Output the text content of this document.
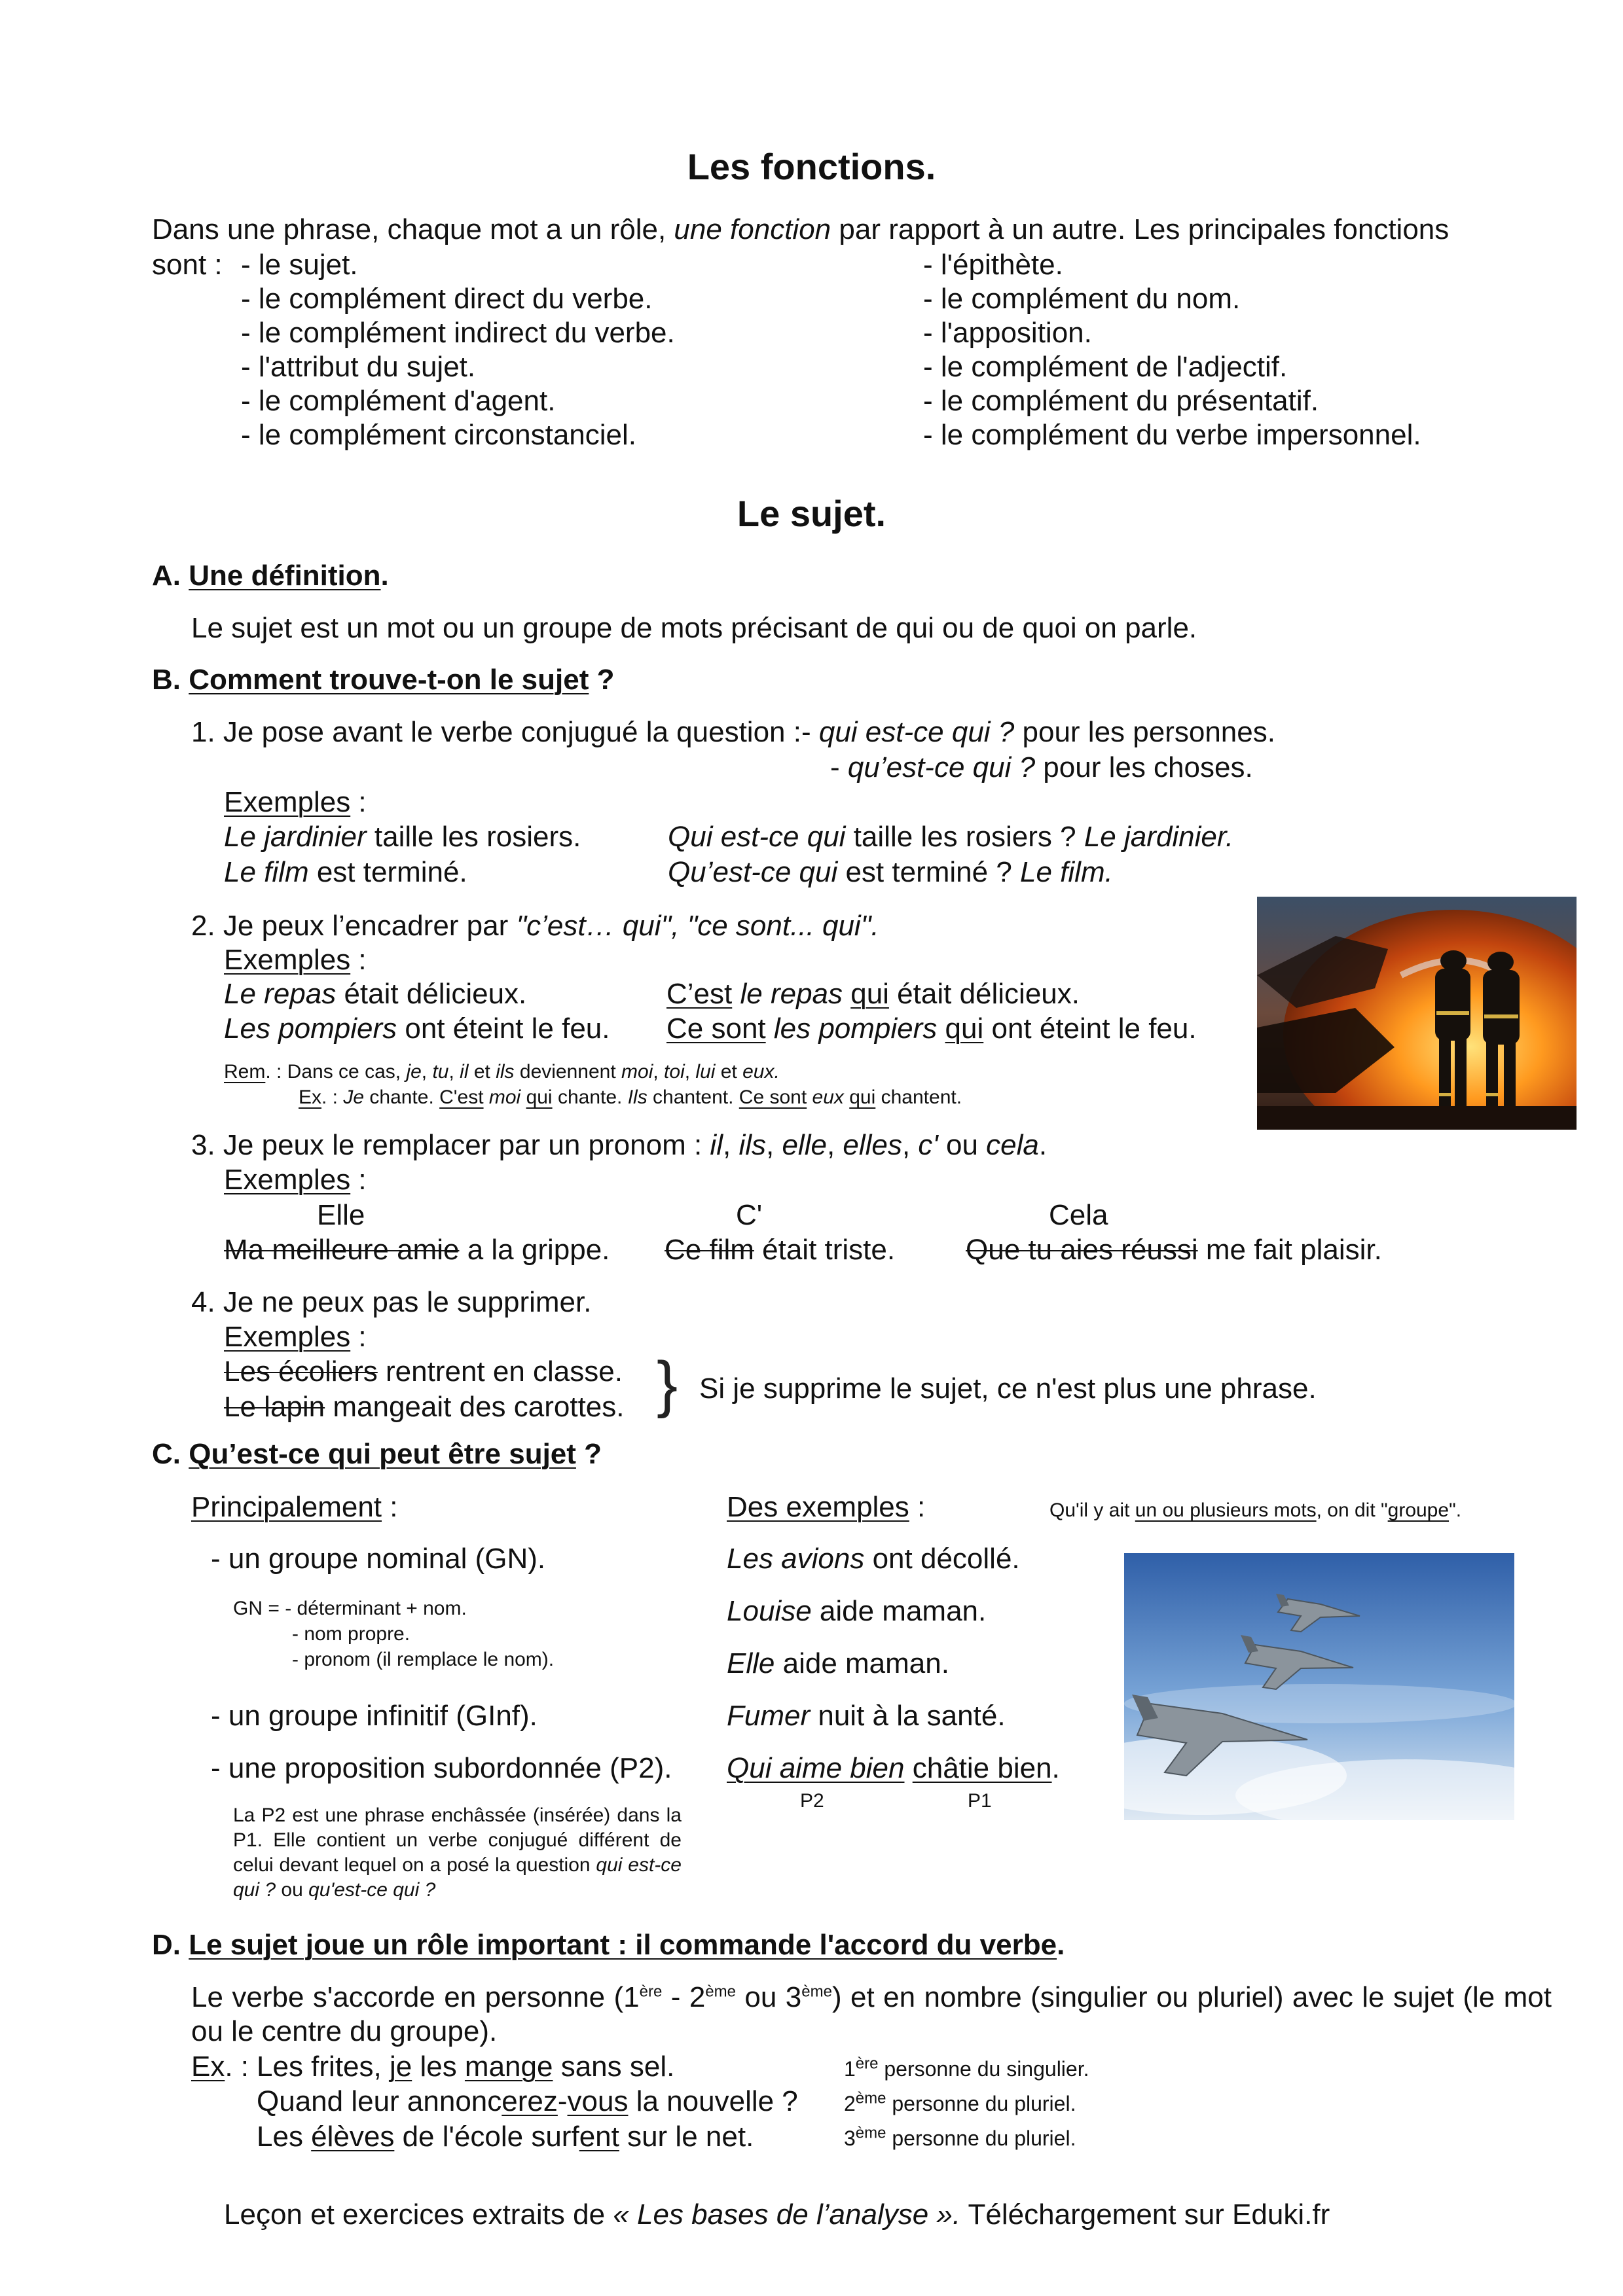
Les fonctions.
Dans une phrase, chaque mot a un rôle, une fonction par rapport à un autre. Les principales fonctions
sont : - le sujet.
- le complément direct du verbe.
- le complément indirect du verbe.
- l'attribut du sujet.
- le complément d'agent.
- le complément circonstanciel.
- l'épithète.
- le complément du nom.
- l'apposition.
- le complément de l'adjectif.
- le complément du présentatif.
- le complément du verbe impersonnel.
Le sujet.
A. Une définition.
Le sujet est un mot ou un groupe de mots précisant de qui ou de quoi on parle.
B. Comment trouve-t-on le sujet ?
1. Je pose avant le verbe conjugué la question :- qui est-ce qui ? pour les personnes.
- qu’est-ce qui ? pour les choses.
Exemples :
Le jardinier taille les rosiers.	Qui est-ce qui taille les rosiers ? Le jardinier.
Le film est terminé.	Qu’est-ce qui est terminé ? Le film.
2. Je peux l’encadrer par "c’est… qui", "ce sont... qui".
Exemples :
Le repas était délicieux.	C’est le repas qui était délicieux.
Les pompiers ont éteint le feu. Ce sont les pompiers qui ont éteint le feu.
Rem. : Dans ce cas, je, tu, il et ils deviennent moi, toi, lui et eux.
Ex. : Je chante. C'est moi qui chante. Ils chantent. Ce sont eux qui chantent.
3. Je peux le remplacer par un pronom : il, ils, elle, elles, c' ou cela.
Exemples :
Elle	C'	Cela
Ma meilleure amie a la grippe. Ce film était triste. Que tu aies réussi me fait plaisir.
4. Je ne peux pas le supprimer.
Exemples :
Les écoliers rentrent en classe.
Le lapin mangeait des carottes. } Si je supprime le sujet, ce n'est plus une phrase.
C. Qu’est-ce qui peut être sujet ?
Principalement :	Des exemples :	Qu'il y ait un ou plusieurs mots, on dit "groupe".
- un groupe nominal (GN).
GN = - déterminant + nom.
- nom propre.
- pronom (il remplace le nom).
- un groupe infinitif (GInf).
- une proposition subordonnée (P2).
La P2 est une phrase enchâssée (insérée) dans la P1. Elle contient un verbe conjugué différent de celui devant lequel on a posé la question qui est-ce qui ? ou qu'est-ce qui ?
Les avions ont décollé.
Louise aide maman.
Elle aide maman.
Fumer nuit à la santé.
Qui aime bien châtie bien.
P2	P1
D. Le sujet joue un rôle important : il commande l'accord du verbe.
Le verbe s'accorde en personne (1ère - 2ème ou 3ème) et en nombre (singulier ou pluriel) avec le sujet (le mot ou le centre du groupe).
Ex. : Les frites, je les mange sans sel.
Quand leur annoncerez-vous la nouvelle ?
Les élèves de l'école surfent sur le net.
1ère personne du singulier.
2ème personne du pluriel.
3ème personne du pluriel.
Leçon et exercices extraits de « Les bases de l’analyse ». Téléchargement sur Eduki.fr
